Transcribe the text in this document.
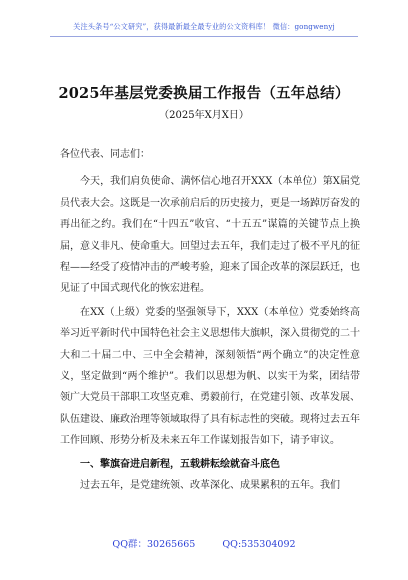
关注头条号“公文研究”，获得最新最全最专业的公文资料库！ 微信：gongwenyj
2025年基层党委换届工作报告（五年总结）
（2025年X月X日）

各位代表、同志们：

今天，我们肩负使命、满怀信心地召开XXX（本单位）第X届党员代表大会。这既是一次承前启后的历史接力，更是一场踔厉奋发的再出征之约。我们在“十四五”收官、“十五五”谋篇的关键节点上换届，意义非凡、使命重大。回望过去五年，我们走过了极不平凡的征程——经受了疫情冲击的严峻考验，迎来了国企改革的深层跃迁，也见证了中国式现代化的恢宏进程。

在XX（上级）党委的坚强领导下，XXX（本单位）党委始终高举习近平新时代中国特色社会主义思想伟大旗帜，深入贯彻党的二十大和二十届二中、三中全会精神，深刻领悟“两个确立”的决定性意义，坚定做到“两个维护”。我们以思想为帆、以实干为桨，团结带领广大党员干部职工攻坚克难、勇毅前行，在党建引领、改革发展、队伍建设、廉政治理等领域取得了具有标志性的突破。现将过去五年工作回顾、形势分析及未来五年工作谋划报告如下，请予审议。

一、擎旗奋进启新程，五载耕耘绘就奋斗底色

过去五年，是党建统领、改革深化、成果累积的五年。我们

QQ群：30265665	QQ:535304092
